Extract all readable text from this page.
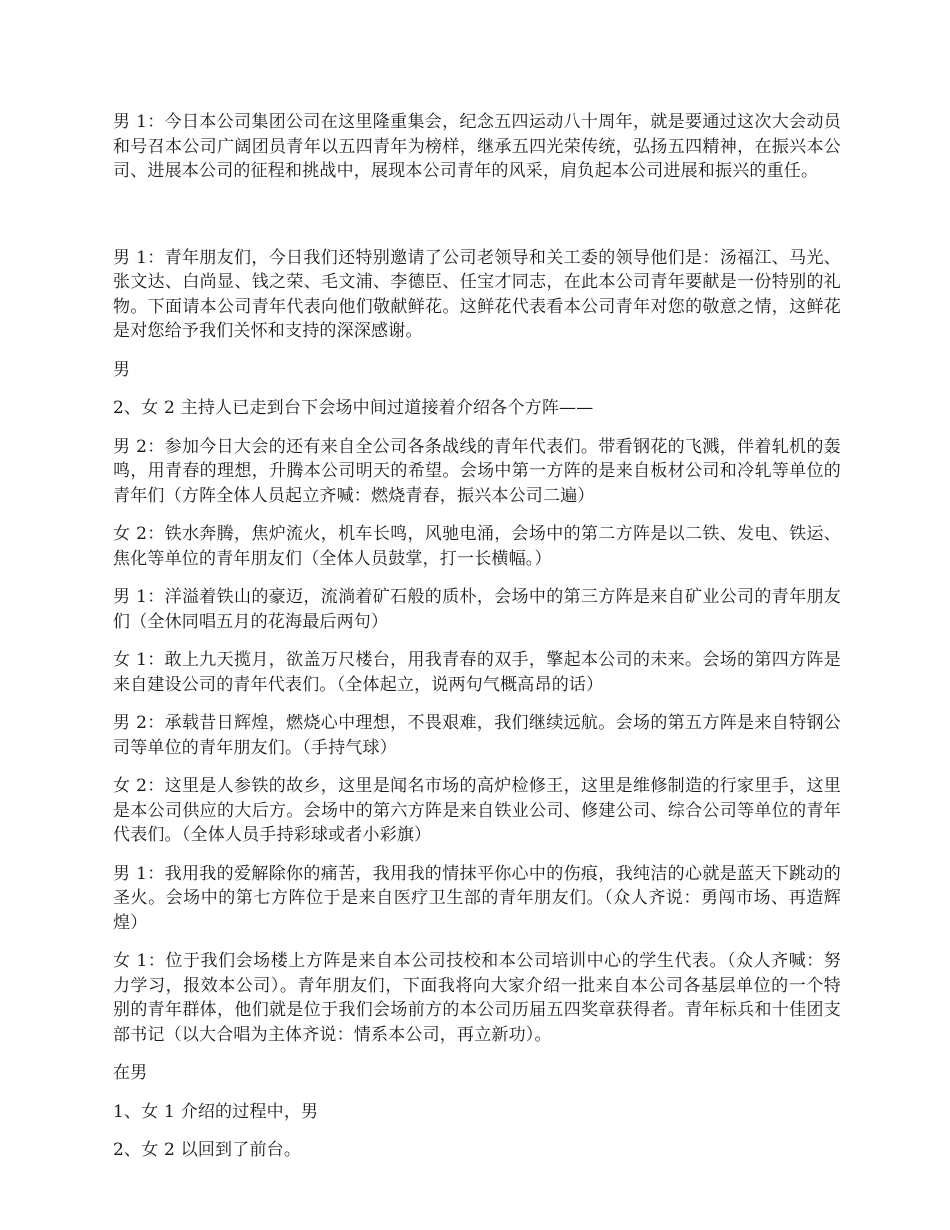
男 1：今日本公司集团公司在这里隆重集会，纪念五四运动八十周年，就是要通过这次大会动员和号召本公司广阔团员青年以五四青年为榜样，继承五四光荣传统，弘扬五四精神，在振兴本公司、进展本公司的征程和挑战中，展现本公司青年的风采，肩负起本公司进展和振兴的重任。

男 1：青年朋友们，今日我们还特别邀请了公司老领导和关工委的领导他们是：汤福江、马光、张文达、白尚显、钱之荣、毛文浦、李德臣、任宝才同志，在此本公司青年要献是一份特别的礼物。下面请本公司青年代表向他们敬献鲜花。这鲜花代表看本公司青年对您的敬意之情，这鲜花是对您给予我们关怀和支持的深深感谢。

男

2、女 2 主持人已走到台下会场中间过道接着介绍各个方阵——

男 2：参加今日大会的还有来自全公司各条战线的青年代表们。带看钢花的飞溅，伴着轧机的轰鸣，用青春的理想，升腾本公司明天的希望。会场中第一方阵的是来自板材公司和冷轧等单位的青年们（方阵全体人员起立齐喊：燃烧青春，振兴本公司二遍）

女 2：铁水奔腾，焦炉流火，机车长鸣，风驰电涌，会场中的第二方阵是以二铁、发电、铁运、焦化等单位的青年朋友们（全体人员鼓掌，打一长横幅。）

男 1：洋溢着铁山的豪迈，流淌着矿石般的质朴，会场中的第三方阵是来自矿业公司的青年朋友们（全休同唱五月的花海最后两句）

女 1：敢上九天揽月，欲盖万尺楼台，用我青春的双手，擎起本公司的未来。会场的第四方阵是来自建设公司的青年代表们。（全体起立，说两句气概高昂的话）

男 2：承载昔日辉煌，燃烧心中理想，不畏艰难，我们继续远航。会场的第五方阵是来自特钢公司等单位的青年朋友们。（手持气球）

女 2：这里是人参铁的故乡，这里是闻名市场的高炉检修王，这里是维修制造的行家里手，这里是本公司供应的大后方。会场中的第六方阵是来自铁业公司、修建公司、综合公司等单位的青年代表们。（全体人员手持彩球或者小彩旗）

男 1：我用我的爱解除你的痛苦，我用我的情抹平你心中的伤痕，我纯洁的心就是蓝天下跳动的圣火。会场中的第七方阵位于是来自医疗卫生部的青年朋友们。（众人齐说：勇闯市场、再造辉煌）

女 1：位于我们会场楼上方阵是来自本公司技校和本公司培训中心的学生代表。（众人齐喊：努力学习，报效本公司）。青年朋友们，下面我将向大家介绍一批来自本公司各基层单位的一个特别的青年群体，他们就是位于我们会场前方的本公司历届五四奖章获得者。青年标兵和十佳团支部书记（以大合唱为主体齐说：情系本公司，再立新功）。

在男

1、女 1 介绍的过程中，男

2、女 2 以回到了前台。
